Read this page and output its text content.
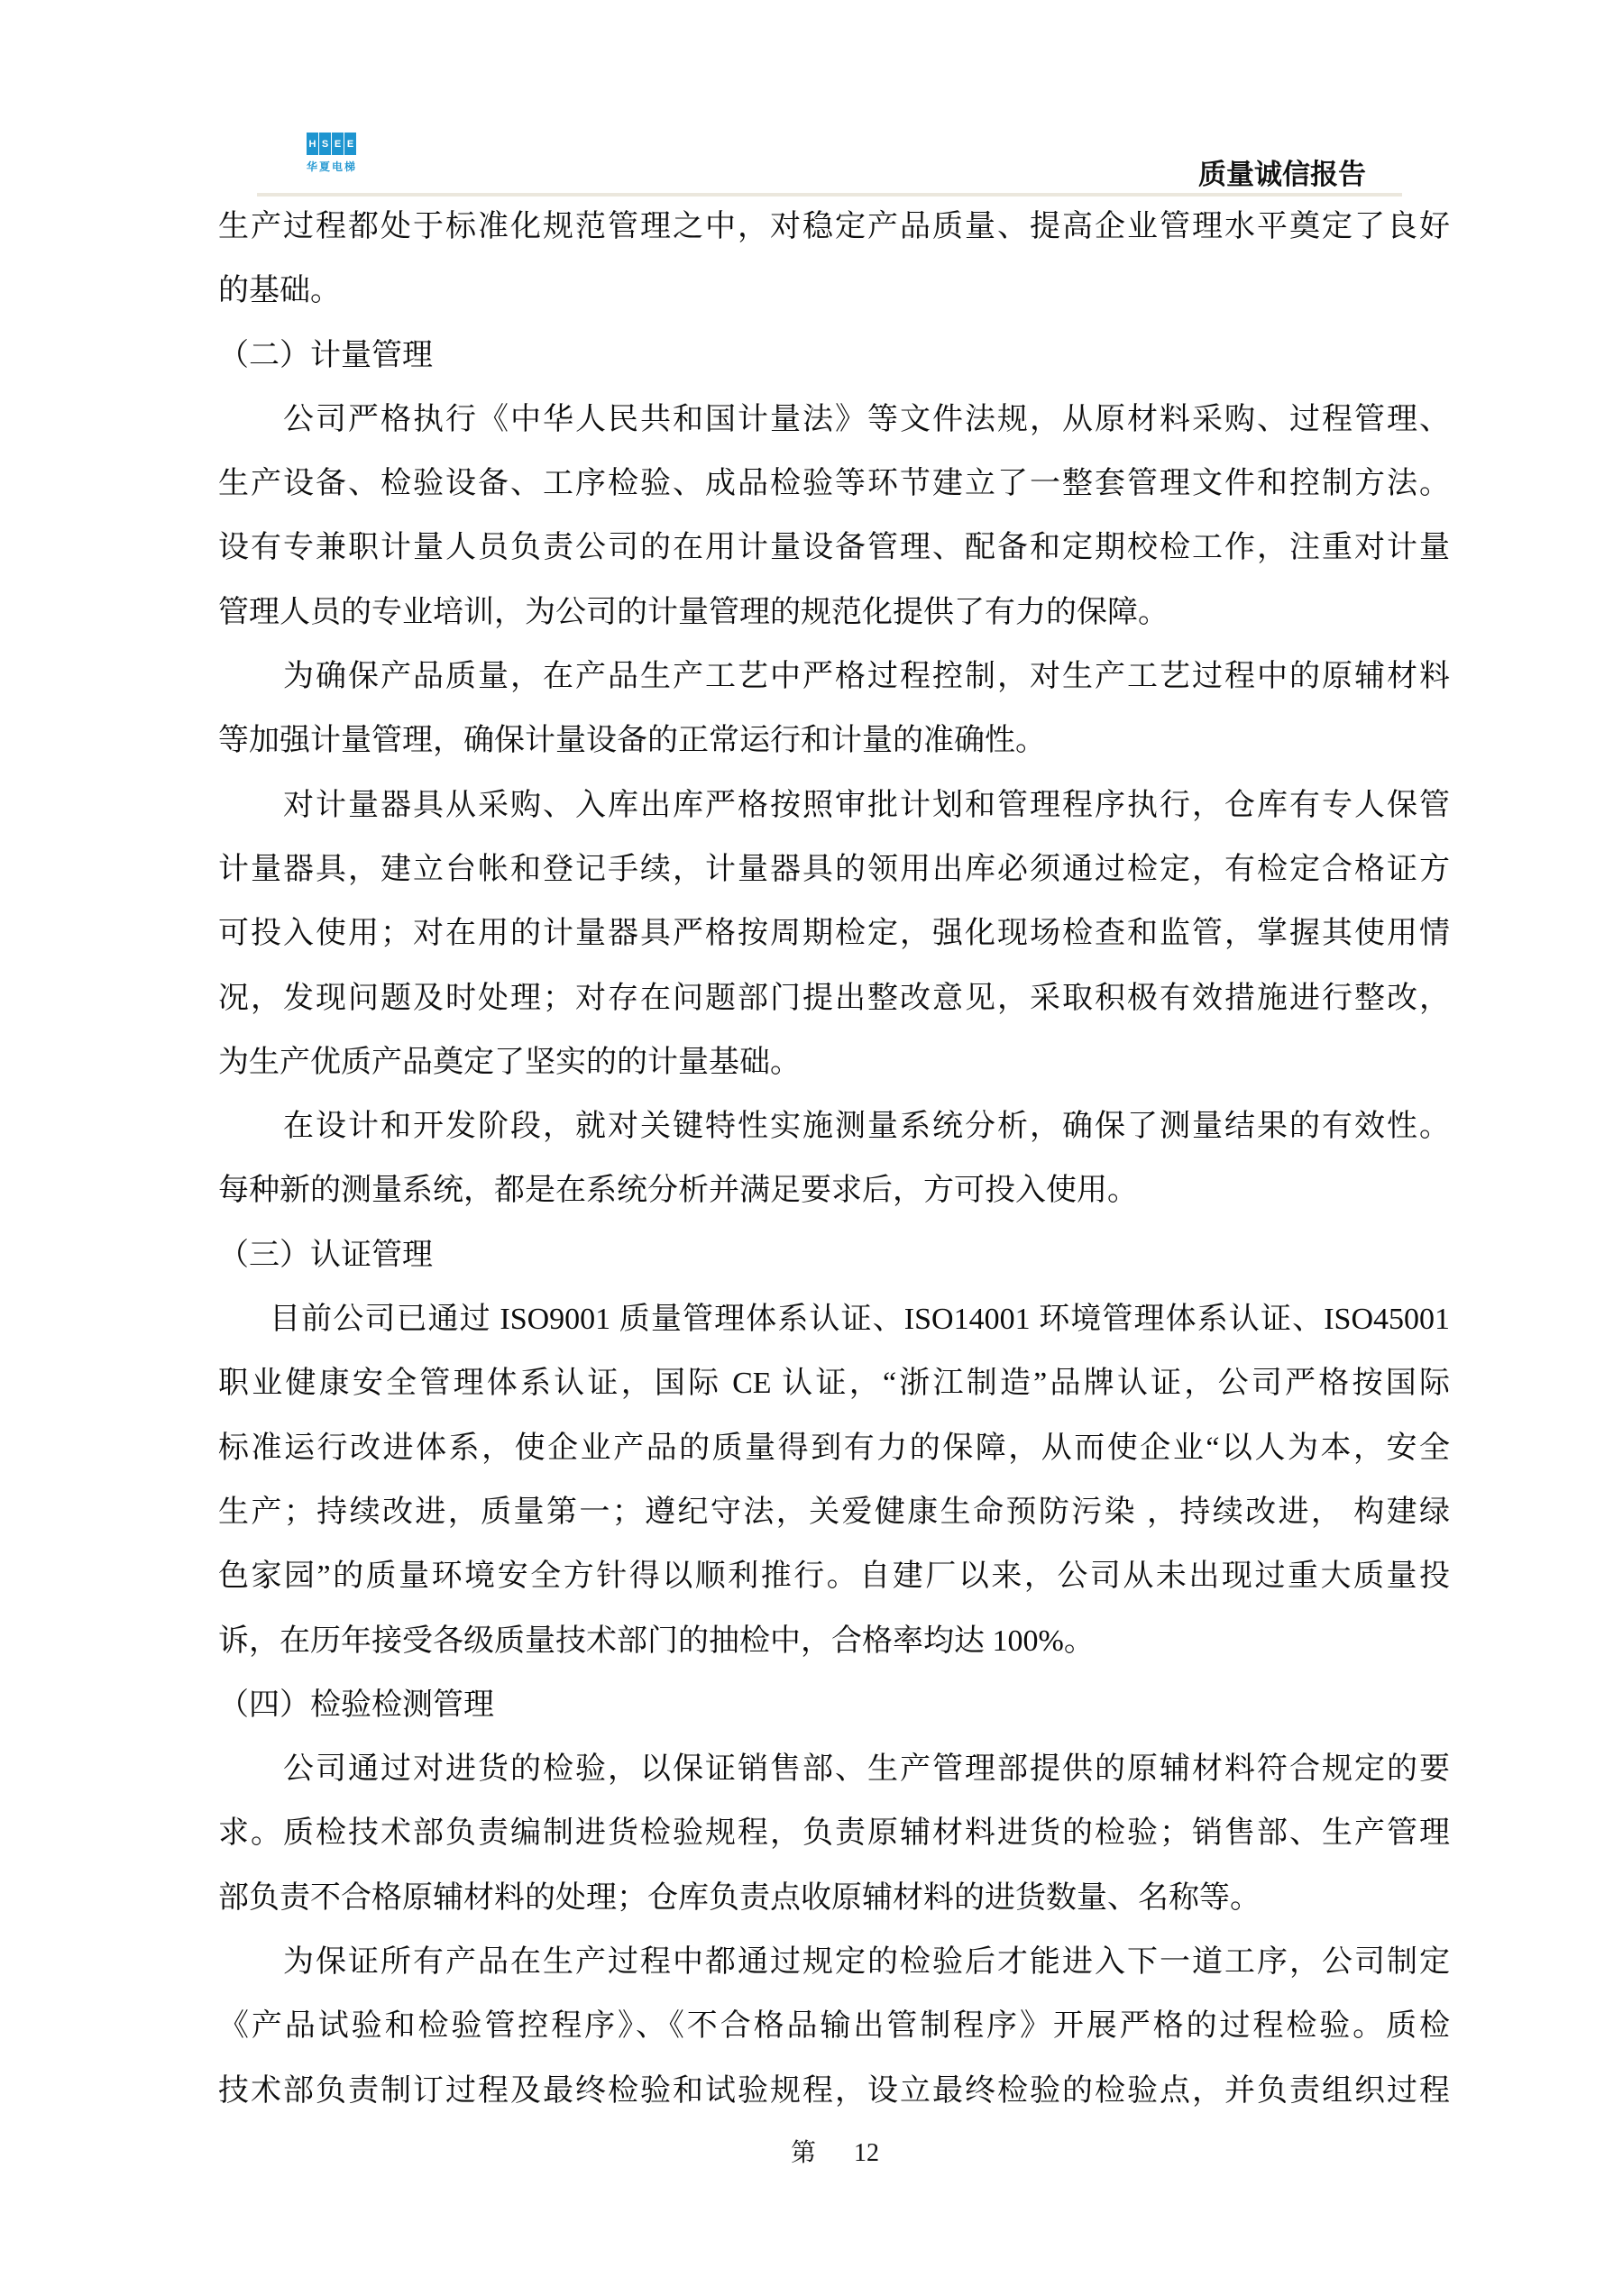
H S E E
华夏电梯	质量诚信报告
生产过程都处于标准化规范管理之中，对稳定产品质量、提高企业管理水平奠定了良好
的基础。
（二）计量管理
公司严格执行《中华人民共和国计量法》等文件法规，从原材料采购、过程管理、
生产设备、检验设备、工序检验、成品检验等环节建立了一整套管理文件和控制方法。
设有专兼职计量人员负责公司的在用计量设备管理、配备和定期校检工作，注重对计量
管理人员的专业培训，为公司的计量管理的规范化提供了有力的保障。
为确保产品质量，在产品生产工艺中严格过程控制，对生产工艺过程中的原辅材料
等加强计量管理，确保计量设备的正常运行和计量的准确性。
对计量器具从采购、入库出库严格按照审批计划和管理程序执行，仓库有专人保管
计量器具，建立台帐和登记手续，计量器具的领用出库必须通过检定，有检定合格证方
可投入使用；对在用的计量器具严格按周期检定，强化现场检查和监管，掌握其使用情
况，发现问题及时处理；对存在问题部门提出整改意见，采取积极有效措施进行整改，
为生产优质产品奠定了坚实的的计量基础。
在设计和开发阶段，就对关键特性实施测量系统分析，确保了测量结果的有效性。
每种新的测量系统，都是在系统分析并满足要求后，方可投入使用。
（三）认证管理
目前公司已通过 ISO9001 质量管理体系认证、ISO14001 环境管理体系认证、ISO45001
职业健康安全管理体系认证，国际 CE 认证，“浙江制造”品牌认证，公司严格按国际
标准运行改进体系，使企业产品的质量得到有力的保障，从而使企业“以人为本，安全
生产；持续改进，质量第一；遵纪守法，关爱健康生命预防污染 ，持续改进， 构建绿
色家园”的质量环境安全方针得以顺利推行。自建厂以来，公司从未出现过重大质量投
诉，在历年接受各级质量技术部门的抽检中，合格率均达 100%。
（四）检验检测管理
公司通过对进货的检验，以保证销售部、生产管理部提供的原辅材料符合规定的要
求。质检技术部负责编制进货检验规程，负责原辅材料进货的检验；销售部、生产管理
部负责不合格原辅材料的处理；仓库负责点收原辅材料的进货数量、名称等。
为保证所有产品在生产过程中都通过规定的检验后才能进入下一道工序，公司制定
《产品试验和检验管控程序》、《不合格品输出管制程序》开展严格的过程检验。质检
技术部负责制订过程及最终检验和试验规程，设立最终检验的检验点，并负责组织过程
第 12
